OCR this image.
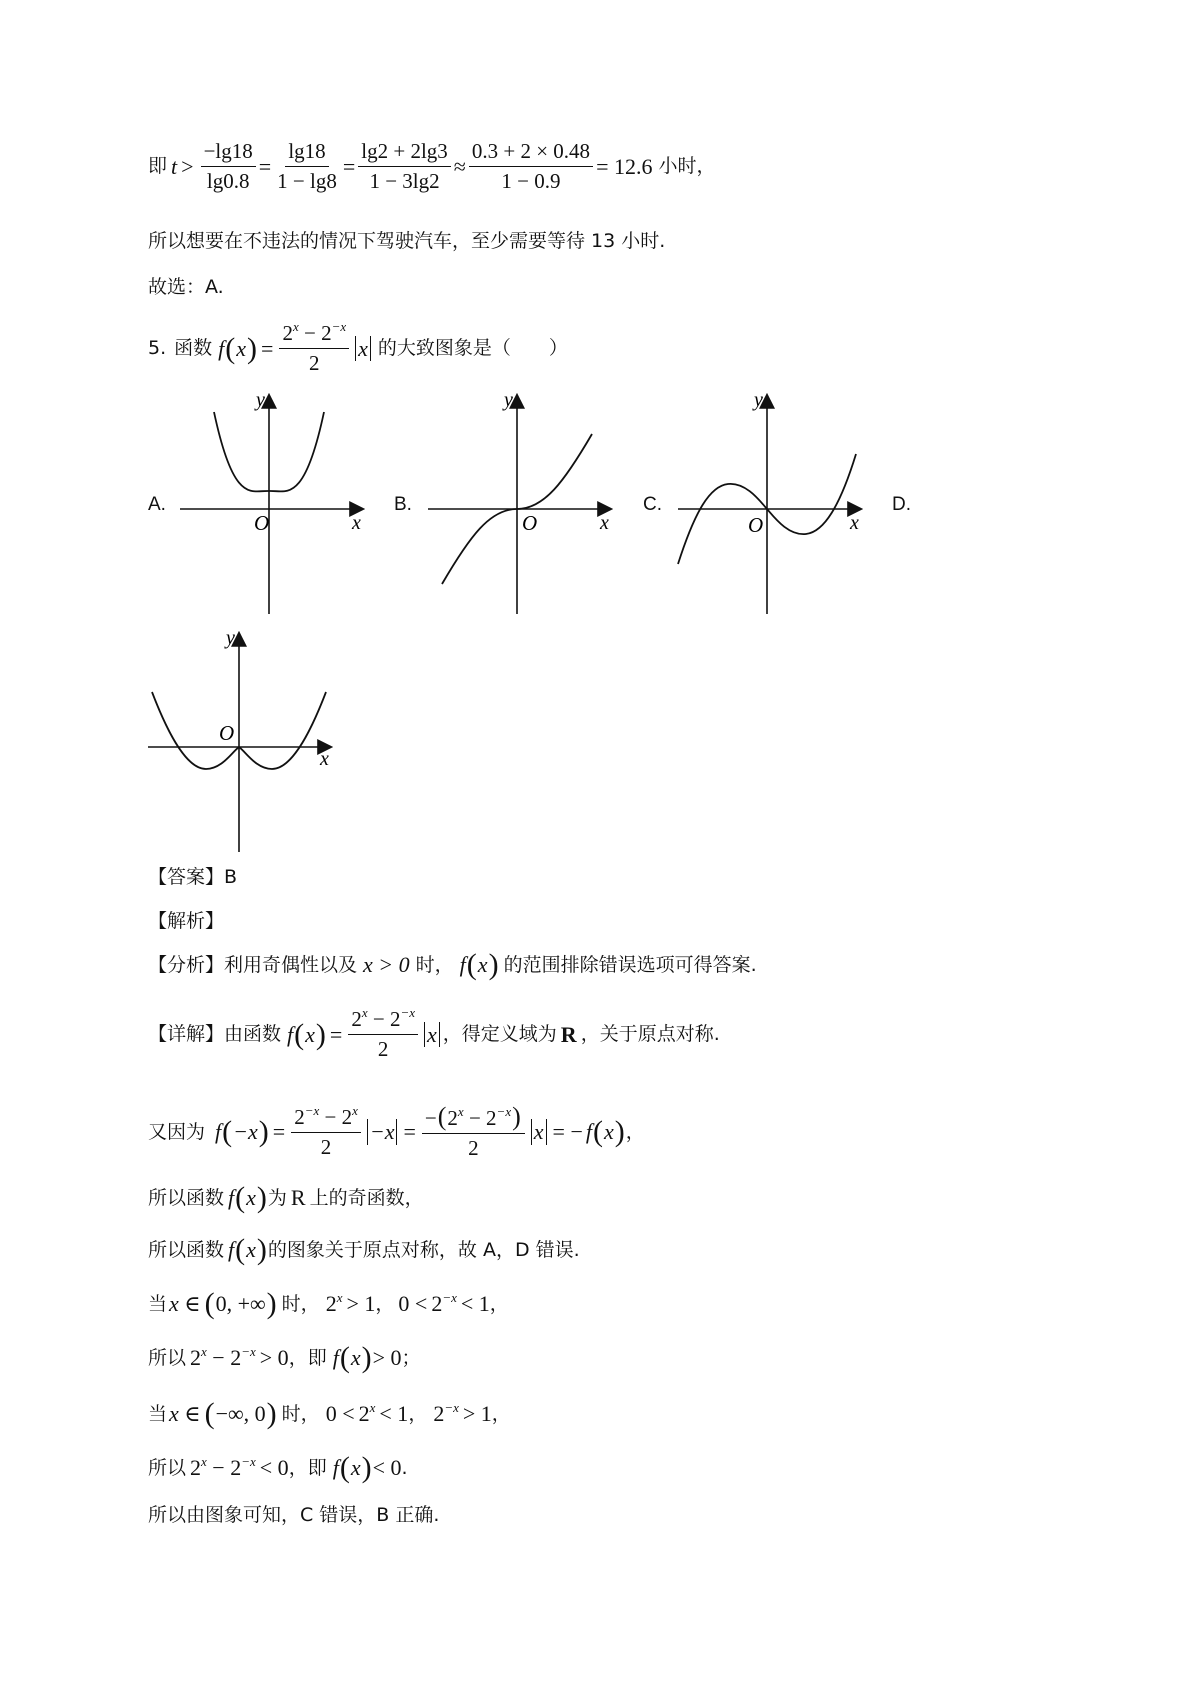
即 $t > \frac{-\lg 18}{\lg 0.8} = \frac{\lg 18}{1 - \lg 8} = \frac{\lg 2 + 2\lg 3}{1 - 3\lg 2} \approx \frac{0.3 + 2 \times 0.48}{1 - 0.9} = 12.6$ 小时，
所以想要在不违法的情况下驾驶汽车，至少需要等待 13 小时.
故选：A.
5. 函数 f ( x ) = $\frac{2^x - 2^{-x}}{2}$ x 的大致图象是（　　）
A.	B.	C.	D.
O	x
y
O	x
y
O	x
y
O
x
y
【答案】B
【解析】
【分析】 利用奇偶性以及 x > 0 时， f ( x ) 的范围排除错误选项可得答案.
【详解】 由函数 f ( x ) = $\frac{2^x - 2^{-x}}{2}$ x ，得定义域为 R ，关于原点对称.
又因为 f ( −x ) = $\frac{2^{-x} - 2^x}{2} -x = \frac{-(2^x - 2^{-x})}{2}$ x = − f ( x ) ，
所以函数 f ( x ) 为 R 上的奇函数，
所以函数 f ( x ) 的图象关于原点对称，故 A，D 错误.
当 x ∈ ( 0, +∞ ) 时， $2^x > 1$ ， $0 < 2^{-x} < 1$ ，
所以 $2^x - 2^{-x} > 0$ ，即 f ( x ) > 0 ；
当 x ∈ ( −∞, 0 ) 时， $0 < 2^x < 1$ ， $2^{-x} > 1$ ，
所以 $2^x - 2^{-x} < 0$ ，即 f ( x ) < 0 .
所以由图象可知，C 错误，B 正确.
